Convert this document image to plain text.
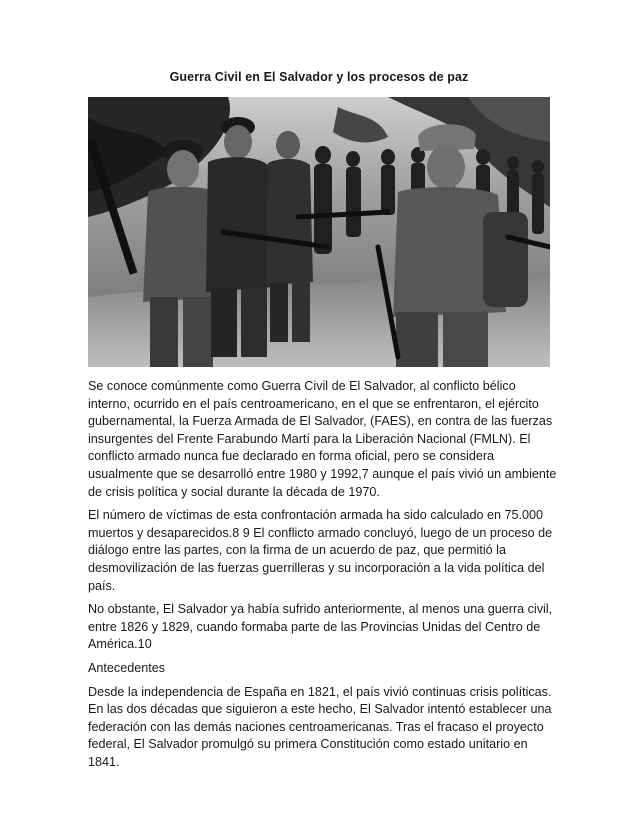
Guerra Civil en El Salvador y los procesos de paz

Se conoce comúnmente como Guerra Civil de El Salvador, al conflicto bélico interno, ocurrido en el país centroamericano, en el que se enfrentaron, el ejército gubernamental, la Fuerza Armada de El Salvador, (FAES), en contra de las fuerzas insurgentes del Frente Farabundo Martí para la Liberación Nacional (FMLN). El conflicto armado nunca fue declarado en forma oficial, pero se considera usualmente que se desarrolló entre 1980 y 1992,7 aunque el país vivió un ambiente de crisis política y social durante la década de 1970.

El número de víctimas de esta confrontación armada ha sido calculado en 75.000 muertos y desaparecidos.8 9 El conflicto armado concluyó, luego de un proceso de diálogo entre las partes, con la firma de un acuerdo de paz, que permitió la desmovilización de las fuerzas guerrilleras y su incorporación a la vida política del país.

No obstante, El Salvador ya había sufrido anteriormente, al menos una guerra civil, entre 1826 y 1829, cuando formaba parte de las Provincias Unidas del Centro de América.10

Antecedentes

Desde la independencia de España en 1821, el país vivió continuas crisis políticas. En las dos décadas que siguieron a este hecho, El Salvador intentó establecer una federación con las demás naciones centroamericanas. Tras el fracaso el proyecto federal, El Salvador promulgó su primera Constitución como estado unitario en 1841.
